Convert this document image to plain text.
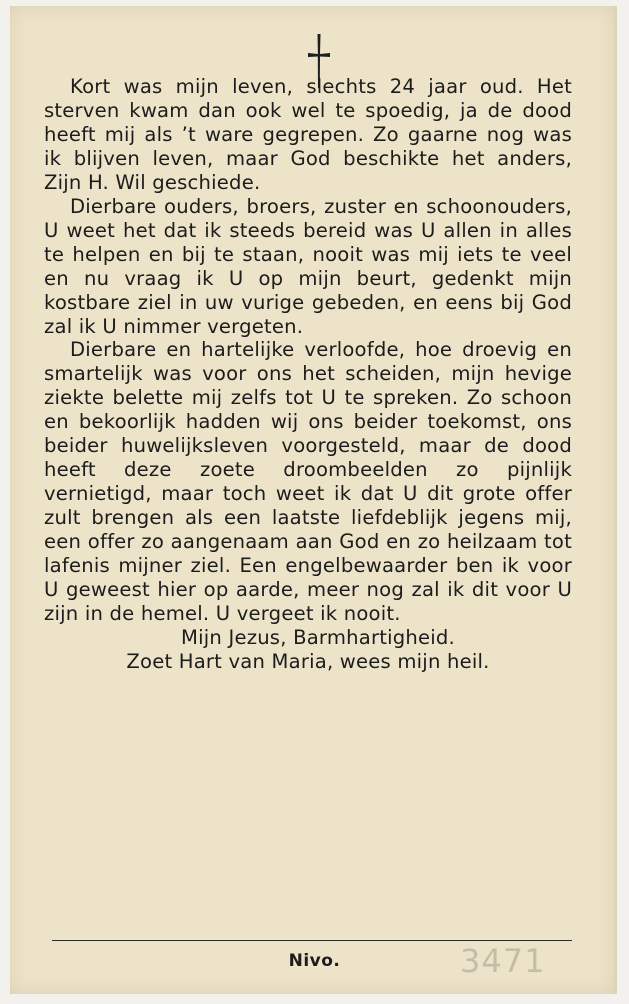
Kort was mijn leven, slechts 24 jaar oud. Het sterven kwam dan ook wel te spoedig, ja de dood heeft mij als ’t ware gegrepen. Zo gaarne nog was ik blijven leven, maar God beschikte het anders, Zijn H. Wil geschiede.

Dierbare ouders, broers, zuster en schoonouders, U weet het dat ik steeds bereid was U allen in alles te helpen en bij te staan, nooit was mij iets te veel en nu vraag ik U op mijn beurt, gedenkt mijn kostbare ziel in uw vurige gebeden, en eens bij God zal ik U nimmer vergeten.

Dierbare en hartelijke verloofde, hoe droevig en smartelijk was voor ons het scheiden, mijn hevige ziekte belette mij zelfs tot U te spreken. Zo schoon en bekoorlijk hadden wij ons beider toekomst, ons beider huwelijksleven voorgesteld, maar de dood heeft deze zoete droombeelden zo pijnlijk vernietigd, maar toch weet ik dat U dit grote offer zult brengen als een laatste liefdeblijk jegens mij, een offer zo aangenaam aan God en zo heilzaam tot lafenis mijner ziel. Een engelbewaarder ben ik voor U geweest hier op aarde, meer nog zal ik dit voor U zijn in de hemel. U vergeet ik nooit.

Mijn Jezus, Barmhartigheid.

Zoet Hart van Maria, wees mijn heil.

Nivo.	3471
